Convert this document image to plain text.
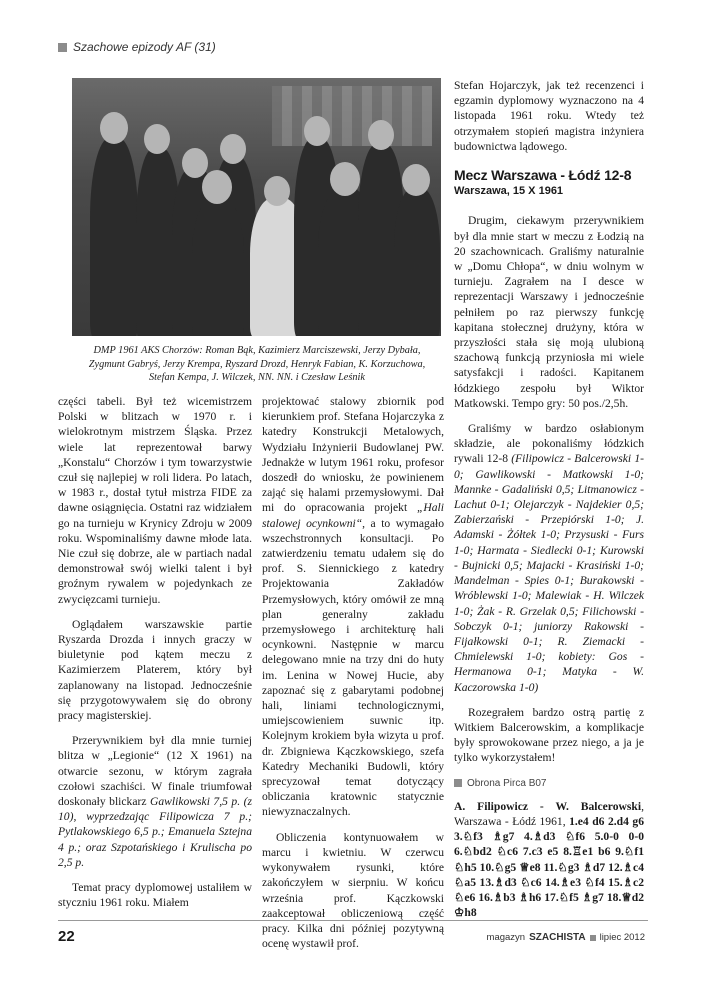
Szachowe epizody AF (31)
DMP 1961 AKS Chorzów: Roman Bąk, Kazimierz Marciszewski, Jerzy Dybała, Zygmunt Gabryś, Jerzy Krempa, Ryszard Drozd, Henryk Fabian, K. Korzuchowa, Stefan Kempa, J. Wilczek, NN. NN. i Czesław Leśnik

części tabeli. Był też wicemistrzem Polski w blitzach w 1970 r. i wielokrotnym mistrzem Śląska. Przez wiele lat reprezentował barwy „Konstalu“ Chorzów i tym towarzystwie czuł się najlepiej w roli lidera. Po latach, w 1983 r., dostał tytuł mistrza FIDE za dawne osiągnięcia. Ostatni raz widziałem go na turnieju w Krynicy Zdroju w 2009 roku. Wspominaliśmy dawne młode lata. Nie czuł się dobrze, ale w partiach nadal demonstrował swój wielki talent i był groźnym rywalem w pojedynkach ze zwycięzcami turnieju.

Oglądałem warszawskie partie Ryszarda Drozda i innych graczy w biuletynie pod kątem meczu z Kazimierzem Platerem, który był zaplanowany na listopad. Jednocześnie się przygotowywałem się do obrony pracy magisterskiej.

Przerywnikiem był dla mnie turniej blitza w „Legionie“ (12 X 1961) na otwarcie sezonu, w którym zagrała czołowi szachiści. W finale triumfował doskonały blickarz Gawlikowski 7,5 p. (z 10), wyprzedzając Filipowicza 7 p.; Pytlakowskiego 6,5 p.; Emanuela Sztejna 4 p.; oraz Szpotańskiego i Krulischa po 2,5 p.

Temat pracy dyplomowej ustaliłem w styczniu 1961 roku. Miałem

projektować stalowy zbiornik pod kierunkiem prof. Stefana Hojarczyka z katedry Konstrukcji Metalowych, Wydziału Inżynierii Budowlanej PW. Jednakże w lutym 1961 roku, profesor doszedł do wniosku, że powinienem zająć się halami przemysłowymi. Dał mi do opracowania projekt „Hali stalowej ocynkowni“, a to wymagało wszechstronnych konsultacji. Po zatwierdzeniu tematu udałem się do prof. S. Siennickiego z katedry Projektowania Zakładów Przemysłowych, który omówił ze mną plan generalny zakładu przemysłowego i architekturę hali ocynkowni. Następnie w marcu delegowano mnie na trzy dni do huty im. Lenina w Nowej Hucie, aby zapoznać się z gabarytami podobnej hali, liniami technologicznymi, umiejscowieniem suwnic itp. Kolejnym krokiem była wizyta u prof. dr. Zbigniewa Kączkowskiego, szefa Katedry Mechaniki Budowli, który sprecyzował temat dotyczący obliczania kratownic statycznie niewyznaczalnych.

Obliczenia kontynuowałem w marcu i kwietniu. W czerwcu wykonywałem rysunki, które zakończyłem w sierpniu. W końcu września prof. Kączkowski zaakceptował obliczeniową część pracy. Kilka dni później pozytywną ocenę wystawił prof.

Stefan Hojarczyk, jak też recenzenci i egzamin dyplomowy wyznaczono na 4 listopada 1961 roku. Wtedy też otrzymałem stopień magistra inżyniera budownictwa lądowego.

Mecz Warszawa - Łódź 12-8
Warszawa, 15 X 1961

Drugim, ciekawym przerywnikiem był dla mnie start w meczu z Łodzią na 20 szachownicach. Graliśmy naturalnie w „Domu Chłopa“, w dniu wolnym w turnieju. Zagrałem na I desce w reprezentacji Warszawy i jednocześnie pełniłem po raz pierwszy funkcję kapitana stołecznej drużyny, która w przyszłości stała się moją ulubioną szachową funkcją przyniosła mi wiele satysfakcji i radości. Kapitanem łódzkiego zespołu był Wiktor Matkowski. Tempo gry: 50 pos./2,5h.

Graliśmy w bardzo osłabionym składzie, ale pokonaliśmy łódzkich rywali 12-8 (Filipowicz - Balcerowski 1-0; Gawlikowski - Matkowski 1-0; Mannke - Gadaliński 0,5; Litmanowicz - Lachut 0-1; Olejarczyk - Najdekier 0,5; Zabierzański - Przepiórski 1-0; J. Adamski - Żółtek 1-0; Przysuski - Furs 1-0; Harmata - Siedlecki 0-1; Kurowski - Bujnicki 0,5; Majacki - Krasiński 1-0; Mandelman - Spies 0-1; Burakowski - Wróblewski 1-0; Malewiak - H. Wilczek 1-0; Żak - R. Grzelak 0,5; Filichowski - Sobczyk 0-1; juniorzy Rakowski - Fijałkowski 0-1; R. Ziemacki - Chmielewski 1-0; kobiety: Gos - Hermanowa 0-1; Matyka - W. Kaczorowska 1-0)

Rozegrałem bardzo ostrą partię z Witkiem Balcerowskim, a komplikacje były sprowokowane przez niego, a ja je tylko wykorzystałem!

Obrona Pirca B07

A. Filipowicz - W. Balcerowski, Warszawa - Łódź 1961, 1.e4 d6 2.d4 g6 3.♘f3 ♗g7 4.♗d3 ♘f6 5.0-0 0-0 6.♘bd2 ♘c6 7.c3 e5 8.♖e1 b6 9.♘f1 ♘h5 10.♘g5 ♕e8 11.♘g3 ♗d7 12.♗c4 ♘a5 13.♗d3 ♘c6 14.♗e3 ♘f4 15.♗c2 ♘e6 16.♗b3 ♗h6 17.♘f5 ♗g7 18.♕d2 ♔h8

22	magazyn SZACHISTA lipiec 2012
